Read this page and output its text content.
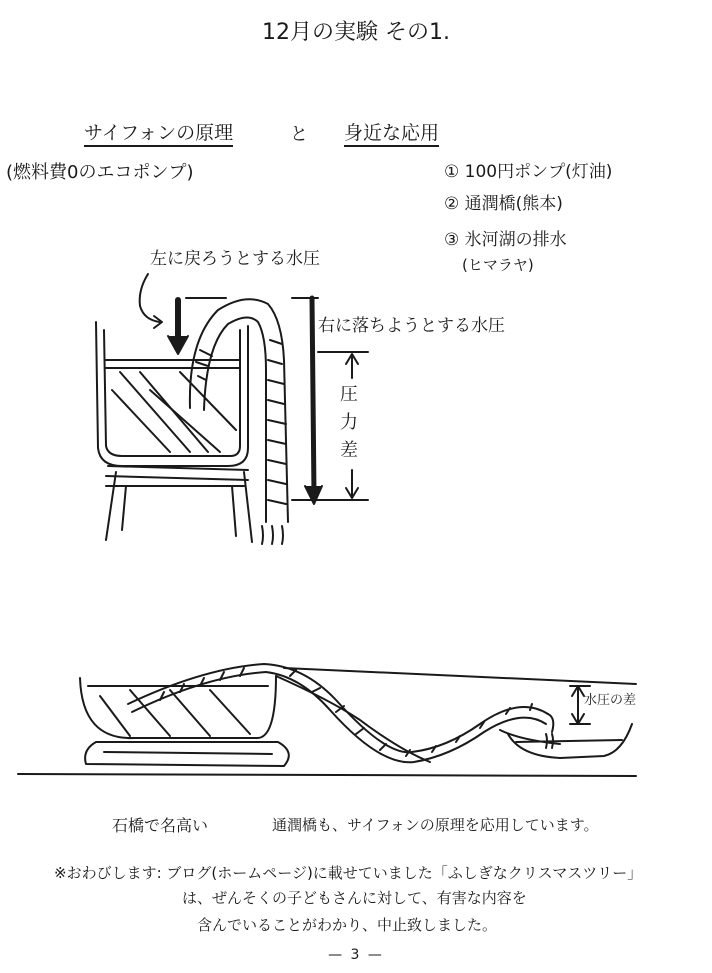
12月の実験 その1.
サイフォンの原理	と 身近な応用
(燃料費0のエコポンプ)	① 100円ポンプ(灯油)
② 通潤橋(熊本)
③ 氷河湖の排水
(ヒマラヤ)
左に戻ろうとする水圧
右に落ちようとする水圧
圧
力
差
水圧の差
石橋で名高い	通潤橋も、サイフォンの原理を応用しています。
※おわびします: ブログ(ホームページ)に載せていました「ふしぎなクリスマスツリー」
は、ぜんそくの子どもさんに対して、有害な内容を
含んでいることがわかり、中止致しました。
— 3 —
